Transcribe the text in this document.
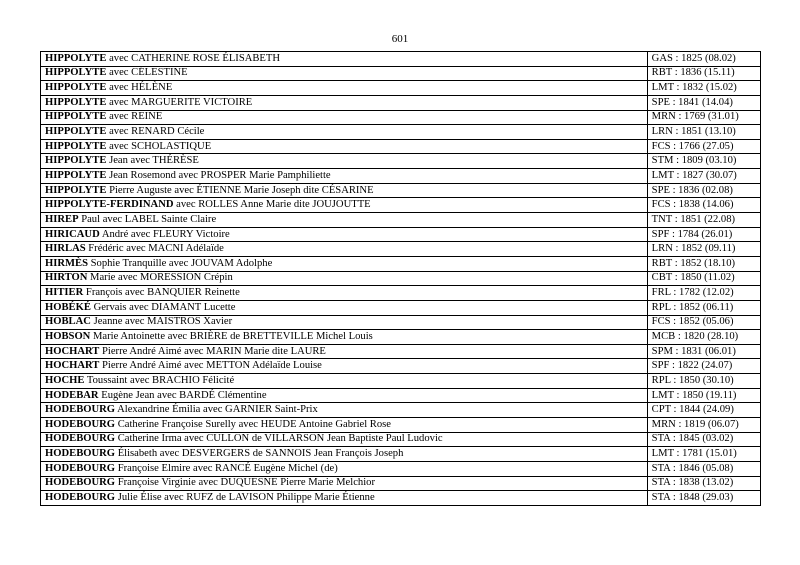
601
HIPPOLYTE avec CATHERINE ROSE ÉLISABETH	GAS : 1825 (08.02)
HIPPOLYTE avec CÉLESTINE	RBT : 1836 (15.11)
HIPPOLYTE avec HÉLÈNE	LMT : 1832 (15.02)
HIPPOLYTE avec MARGUERITE VICTOIRE	SPE : 1841 (14.04)
HIPPOLYTE avec REINE	MRN : 1769 (31.01)
HIPPOLYTE avec RENARD Cécile	LRN : 1851 (13.10)
HIPPOLYTE avec SCHOLASTIQUE	FCS : 1766 (27.05)
HIPPOLYTE Jean avec THÉRÈSE	STM : 1809 (03.10)
HIPPOLYTE Jean Rosemond avec PROSPER Marie Pamphiliette	LMT : 1827 (30.07)
HIPPOLYTE Pierre Auguste avec ÉTIENNE Marie Joseph dite CÉSARINE	SPE : 1836 (02.08)
HIPPOLYTE-FERDINAND avec ROLLES Anne Marie dite JOUJOUTTE	FCS : 1838 (14.06)
HIREP Paul avec LABEL Sainte Claire	TNT : 1851 (22.08)
HIRICAUD André avec FLEURY Victoire	SPF : 1784 (26.01)
HIRLAS Frédéric avec MACNI Adélaïde	LRN : 1852 (09.11)
HIRMÈS Sophie Tranquille avec JOUVAM Adolphe	RBT : 1852 (18.10)
HIRTON Marie avec MORESSION Crépin	CBT : 1850 (11.02)
HITIER François avec BANQUIER Reinette	FRL : 1782 (12.02)
HOBÉKÉ Gervais avec DIAMANT Lucette	RPL : 1852 (06.11)
HOBLAC Jeanne avec MAISTROS Xavier	FCS : 1852 (05.06)
HOBSON Marie Antoinette avec BRIÈRE de BRETTEVILLE Michel Louis	MCB : 1820 (28.10)
HOCHART Pierre André Aimé avec MARIN Marie dite LAURE	SPM : 1831 (06.01)
HOCHART Pierre André Aimé avec METTON Adélaïde Louise	SPF : 1822 (24.07)
HOCHE Toussaint avec BRACHIO Félicité	RPL : 1850 (30.10)
HODEBAR Eugène Jean avec BARDÉ Clémentine	LMT : 1850 (19.11)
HODEBOURG Alexandrine Émilia avec GARNIER Saint-Prix	CPT : 1844 (24.09)
HODEBOURG Catherine Françoise Surelly avec HEUDE Antoine Gabriel Rose	MRN : 1819 (06.07)
HODEBOURG Catherine Irma avec CULLON de VILLARSON Jean Baptiste Paul Ludovic	STA : 1845 (03.02)
HODEBOURG Élisabeth avec DESVERGERS de SANNOIS Jean François Joseph	LMT : 1781 (15.01)
HODEBOURG Françoise Elmire avec RANCÉ Eugène Michel (de)	STA : 1846 (05.08)
HODEBOURG Françoise Virginie avec DUQUESNE Pierre Marie Melchior	STA : 1838 (13.02)
HODEBOURG Julie Élise avec RUFZ de LAVISON Philippe Marie Étienne	STA : 1848 (29.03)
